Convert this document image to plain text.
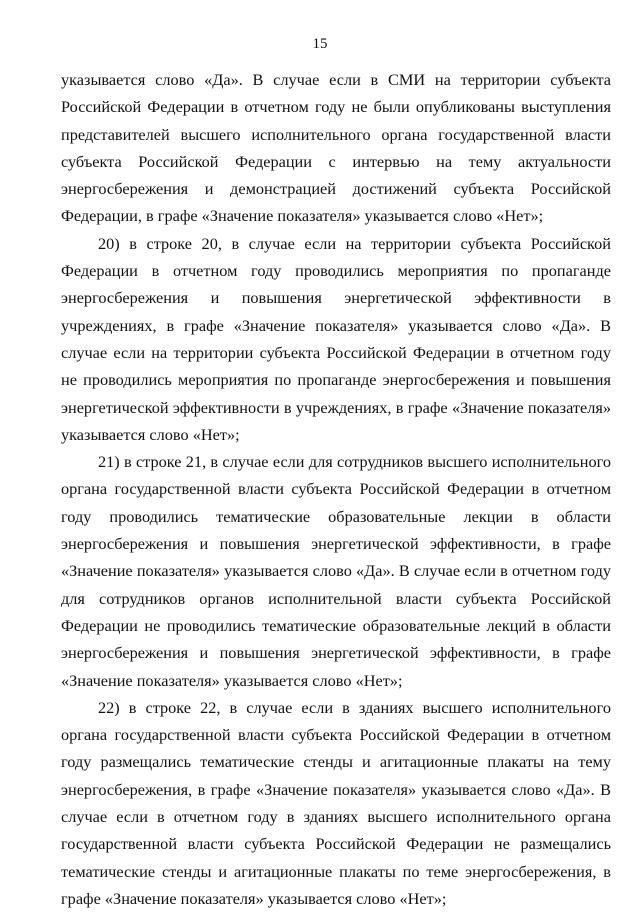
15

указывается слово «Да». В случае если в СМИ на территории субъекта Российской Федерации в отчетном году не были опубликованы выступления представителей высшего исполнительного органа государственной власти субъекта Российской Федерации с интервью на тему актуальности энергосбережения и демонстрацией достижений субъекта Российской Федерации, в графе «Значение показателя» указывается слово «Нет»;

20) в строке 20, в случае если на территории субъекта Российской Федерации в отчетном году проводились мероприятия по пропаганде энергосбережения и повышения энергетической эффективности в учреждениях, в графе «Значение показателя» указывается слово «Да». В случае если на территории субъекта Российской Федерации в отчетном году не проводились мероприятия по пропаганде энергосбережения и повышения энергетической эффективности в учреждениях, в графе «Значение показателя» указывается слово «Нет»;

21) в строке 21, в случае если для сотрудников высшего исполнительного органа государственной власти субъекта Российской Федерации в отчетном году проводились тематические образовательные лекции в области энергосбережения и повышения энергетической эффективности, в графе «Значение показателя» указывается слово «Да». В случае если в отчетном году для сотрудников органов исполнительной власти субъекта Российской Федерации не проводились тематические образовательные лекций в области энергосбережения и повышения энергетической эффективности, в графе «Значение показателя» указывается слово «Нет»;

22) в строке 22, в случае если в зданиях высшего исполнительного органа государственной власти субъекта Российской Федерации в отчетном году размещались тематические стенды и агитационные плакаты на тему энергосбережения, в графе «Значение показателя» указывается слово «Да». В случае если в отчетном году в зданиях высшего исполнительного органа государственной власти субъекта Российской Федерации не размещались тематические стенды и агитационные плакаты по теме энергосбережения, в графе «Значение показателя» указывается слово «Нет»;
